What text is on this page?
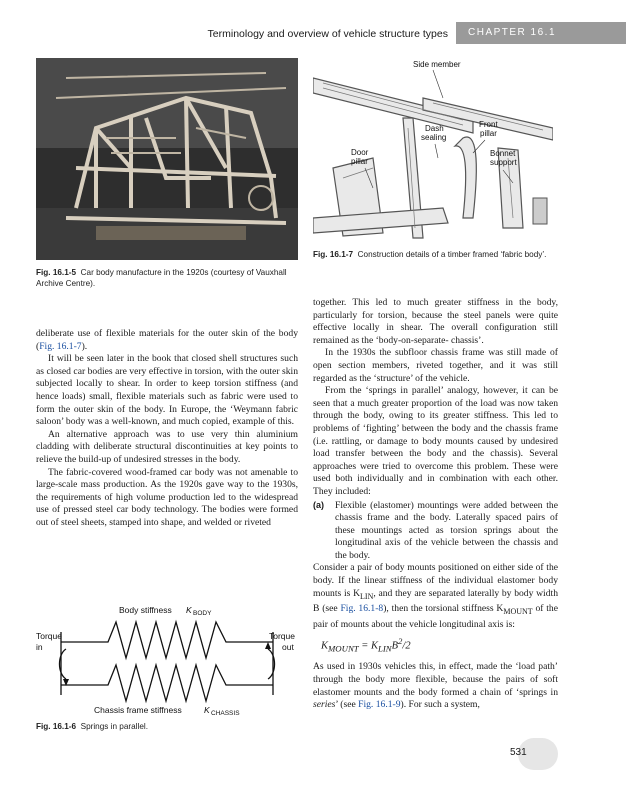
Terminology and overview of vehicle structure types	CHAPTER 16.1
Fig. 16.1-5 Car body manufacture in the 1920s (courtesy of Vauxhall Archive Centre).
Side member
Dash
sealing
Front
pillar
Door
pillar
Bonnet
support
Fig. 16.1-7 Construction details of a timber framed ‘fabric body’.

deliberate use of flexible materials for the outer skin of the body (Fig. 16.1-7).

It will be seen later in the book that closed shell structures such as closed car bodies are very effective in torsion, with the outer skin subjected locally to shear. In order to keep torsion stiffness (and hence loads) small, flexible materials such as fabric were used to form the outer skin of the body. In Europe, the ‘Weymann fabric saloon’ body was a well-known, and much copied, example of this.

An alternative approach was to use very thin aluminium cladding with deliberate structural discontinuities at key points to relieve the build-up of undesired stresses in the body.

The fabric-covered wood-framed car body was not amenable to large-scale mass production. As the 1920s gave way to the 1930s, the requirements of high volume production led to the widespread use of pressed steel car body technology. The bodies were formed out of steel sheets, stamped into shape, and welded or riveted

Body stiffness K BODY
Torque
in
Torque
out
Chassis frame stiffness	K CHASSIS
Fig. 16.1-6 Springs in parallel.

together. This led to much greater stiffness in the body, particularly for torsion, because the steel panels were quite effective locally in shear. The overall configuration still remained as the ‘body-on-separate- chassis’.

In the 1930s the subfloor chassis frame was still made of open section members, riveted together, and it was still regarded as the ‘structure’ of the vehicle.

From the ‘springs in parallel’ analogy, however, it can be seen that a much greater proportion of the load was now taken through the body, owing to its greater stiffness. This led to problems of ‘fighting’ between the body and the chassis frame (i.e. rattling, or damage to body mounts caused by undesired load transfer between the body and the chassis). Several approaches were tried to overcome this problem. These were used both individually and in combination with each other. They included:

(a) Flexible (elastomer) mountings were added between the chassis frame and the body. Laterally spaced pairs of these mountings acted as torsion springs about the longitudinal axis of the vehicle between the chassis and the body.

Consider a pair of body mounts positioned on either side of the body. If the linear stiffness of the individual elastomer body mounts is $K_{LIN}$, and they are separated laterally by body width B (see Fig. 16.1-8), then the torsional stiffness $K_{MOUNT}$ of the pair of mounts about the vehicle longitudinal axis is:

$K_{MOUNT} = K_{LIN}B^2/2$

As used in 1930s vehicles this, in effect, made the ‘load path’ through the body more flexible, because the pairs of soft elastomer mounts and the body formed a chain of ‘springs in series’ (see Fig. 16.1-9). For such a system,

531
